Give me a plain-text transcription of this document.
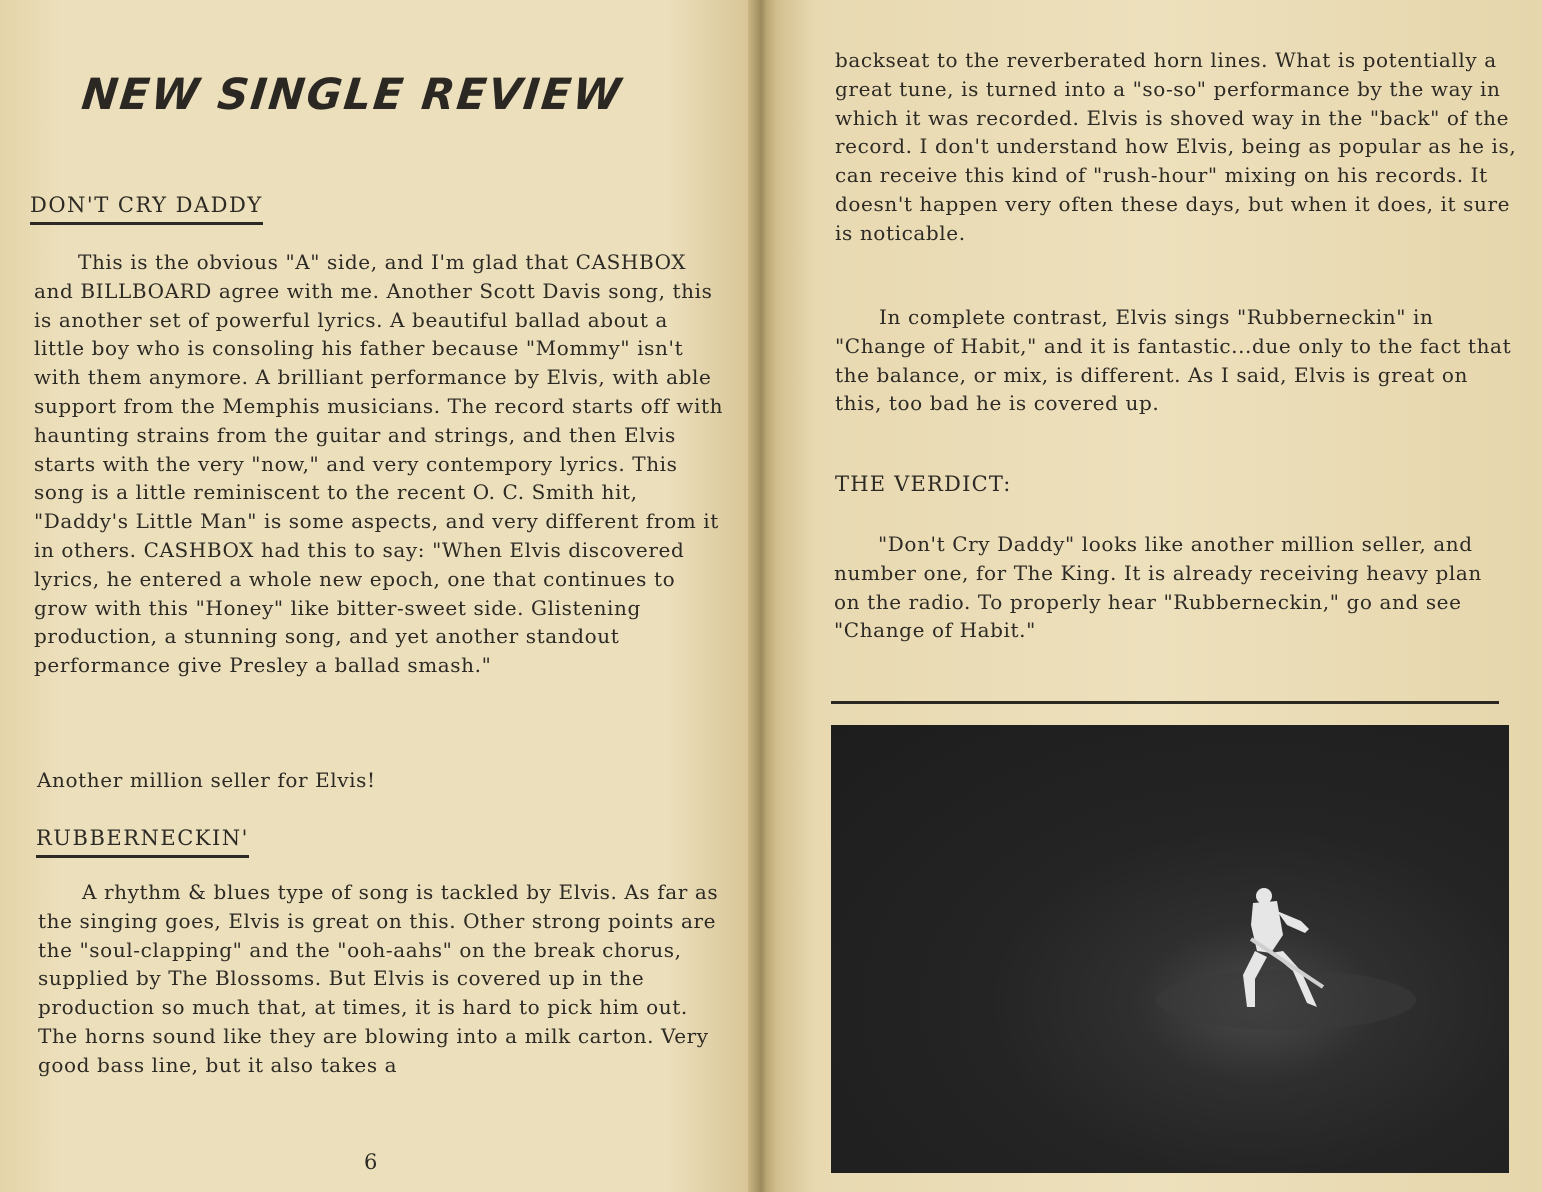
NEW SINGLE REVIEW
DON'T CRY DADDY

This is the obvious "A" side, and I'm glad that CASHBOX and BILLBOARD agree with me. Another Scott Davis song, this is another set of powerful lyrics. A beautiful ballad about a little boy who is consoling his father because "Mommy" isn't with them anymore. A brilliant performance by Elvis, with able support from the Memphis musicians. The record starts off with haunting strains from the guitar and strings, and then Elvis starts with the very "now," and very contempory lyrics. This song is a little reminiscent to the recent O. C. Smith hit, "Daddy's Little Man" is some aspects, and very different from it in others. CASHBOX had this to say: "When Elvis discovered lyrics, he entered a whole new epoch, one that continues to grow with this "Honey" like bitter-sweet side. Glistening production, a stunning song, and yet another standout performance give Presley a ballad smash."

Another million seller for Elvis!

RUBBERNECKIN'

A rhythm & blues type of song is tackled by Elvis. As far as the singing goes, Elvis is great on this. Other strong points are the "soul-clapping" and the "ooh-aahs" on the break chorus, supplied by The Blossoms. But Elvis is covered up in the production so much that, at times, it is hard to pick him out. The horns sound like they are blowing into a milk carton. Very good bass line, but it also takes a

6

backseat to the reverberated horn lines. What is potentially a great tune, is turned into a "so-so" performance by the way in which it was recorded. Elvis is shoved way in the "back" of the record. I don't understand how Elvis, being as popular as he is, can receive this kind of "rush-hour" mixing on his records. It doesn't happen very often these days, but when it does, it sure is noticable.

In complete contrast, Elvis sings "Rubberneckin" in "Change of Habit," and it is fantastic...due only to the fact that the balance, or mix, is different. As I said, Elvis is great on this, too bad he is covered up.

THE VERDICT:

"Don't Cry Daddy" looks like another million seller, and number one, for The King. It is already receiving heavy plan on the radio. To properly hear "Rubberneckin," go and see "Change of Habit."
